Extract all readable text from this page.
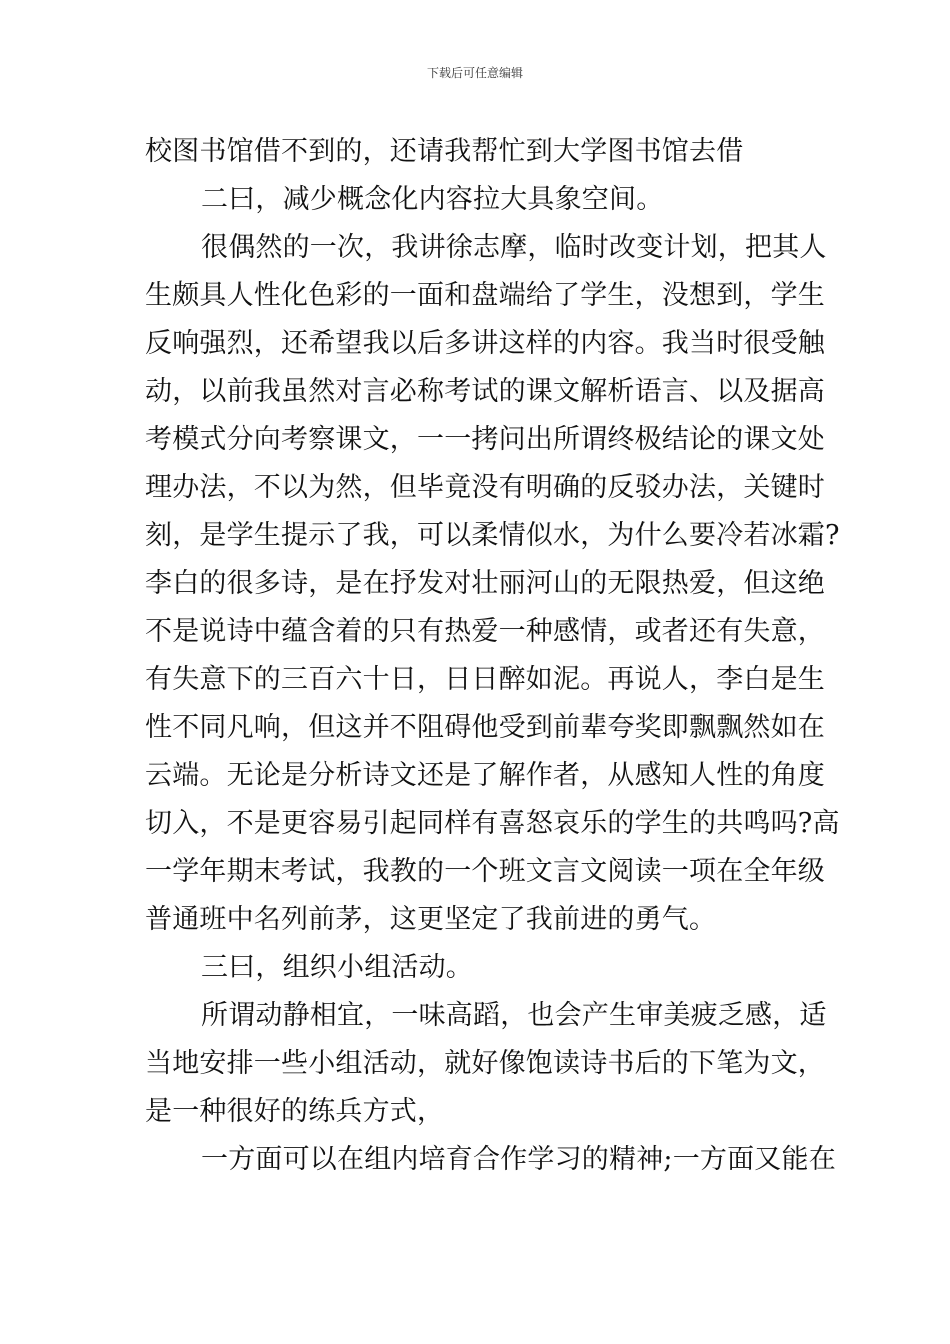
下载后可任意编辑
校图书馆借不到的，还请我帮忙到大学图书馆去借
二曰，减少概念化内容拉大具象空间。
很偶然的一次，我讲徐志摩，临时改变计划，把其人
生颇具人性化色彩的一面和盘端给了学生，没想到，学生
反响强烈，还希望我以后多讲这样的内容。我当时很受触
动，以前我虽然对言必称考试的课文解析语言、以及据高
考模式分向考察课文，一一拷问出所谓终极结论的课文处
理办法，不以为然，但毕竟没有明确的反驳办法，关键时
刻，是学生提示了我，可以柔情似水，为什么要冷若冰霜?
李白的很多诗，是在抒发对壮丽河山的无限热爱，但这绝
不是说诗中蕴含着的只有热爱一种感情，或者还有失意，
有失意下的三百六十日，日日醉如泥。再说人，李白是生
性不同凡响，但这并不阻碍他受到前辈夸奖即飘飘然如在
云端。无论是分析诗文还是了解作者，从感知人性的角度
切入，不是更容易引起同样有喜怒哀乐的学生的共鸣吗?高
一学年期末考试，我教的一个班文言文阅读一项在全年级
普通班中名列前茅，这更坚定了我前进的勇气。
三曰，组织小组活动。
所谓动静相宜，一味高蹈，也会产生审美疲乏感，适
当地安排一些小组活动，就好像饱读诗书后的下笔为文，
是一种很好的练兵方式，
一方面可以在组内培育合作学习的精神;一方面又能在
